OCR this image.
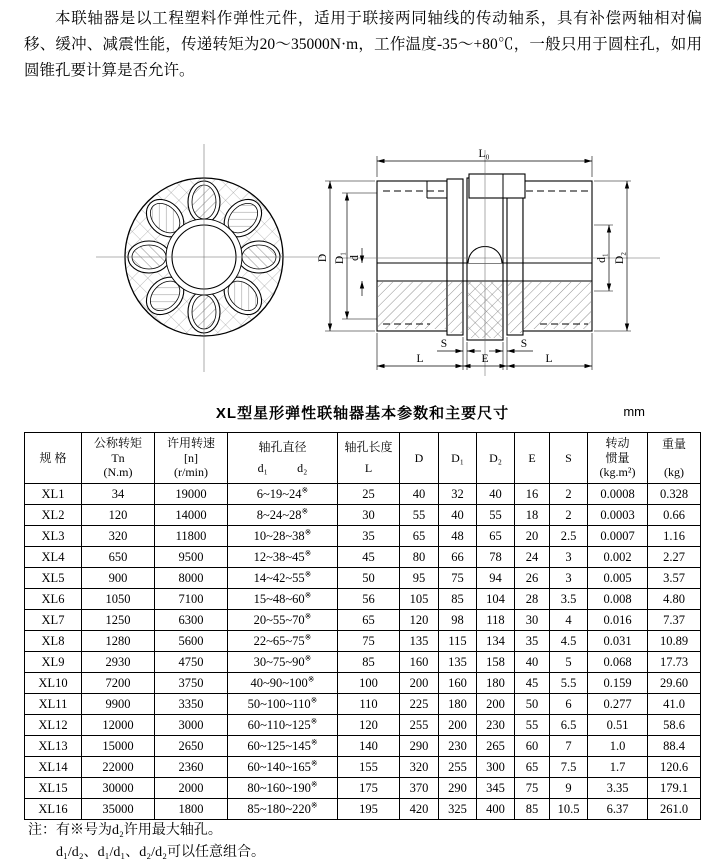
本联轴器是以工程塑料作弹性元件，适用于联接两同轴线的传动轴系，具有补偿两轴相对偏移、缓冲、减震性能，传递转矩为20～35000N·m，工作温度-35～+80℃，一般只用于圆柱孔，如用圆锥孔要计算是否允许。

L₀
D D₁ d	d₁ D₂
S	S
L	E	L
XL型星形弹性联轴器基本参数和主要尺寸	mm
规 格

公称转矩
Tn
(N.m)

许用转速
[n]
(r/min)

轴孔直径
d₁ d₂

轴孔长度
L

D	D₁	D₂	E	S

转动
惯量
(kg.m²)

重量
(kg)

XL1	34	19000	6~19~24※	25	40	32	40	16	2	0.0008	0.328
XL2	120	14000	8~24~28※	30	55	40	55	18	2	0.0003	0.66
XL3	320	11800	10~28~38※	35	65	48	65	20	2.5	0.0007	1.16
XL4	650	9500	12~38~45※	45	80	66	78	24	3	0.002	2.27
XL5	900	8000	14~42~55※	50	95	75	94	26	3	0.005	3.57
XL6	1050	7100	15~48~60※	56	105	85	104	28	3.5	0.008	4.80
XL7	1250	6300	20~55~70※	65	120	98	118	30	4	0.016	7.37
XL8	1280	5600	22~65~75※	75	135	115	134	35	4.5	0.031	10.89
XL9	2930	4750	30~75~90※	85	160	135	158	40	5	0.068	17.73
XL10	7200	3750	40~90~100※	100	200	160	180	45	5.5	0.159	29.60
XL11	9900	3350	50~100~110※	110	225	180	200	50	6	0.277	41.0
XL12	12000	3000	60~110~125※	120	255	200	230	55	6.5	0.51	58.6
XL13	15000	2650	60~125~145※	140	290	230	265	60	7	1.0	88.4
XL14	22000	2360	60~140~165※	155	320	255	300	65	7.5	1.7	120.6
XL15	30000	2000	80~160~190※	175	370	290	345	75	9	3.35	179.1
XL16	35000	1800	85~180~220※	195	420	325	400	85	10.5	6.37	261.0

注：有※号为d₂许用最大轴孔。

d₁/d₂、d₁/d₁、d₂/d₂可以任意组合。
